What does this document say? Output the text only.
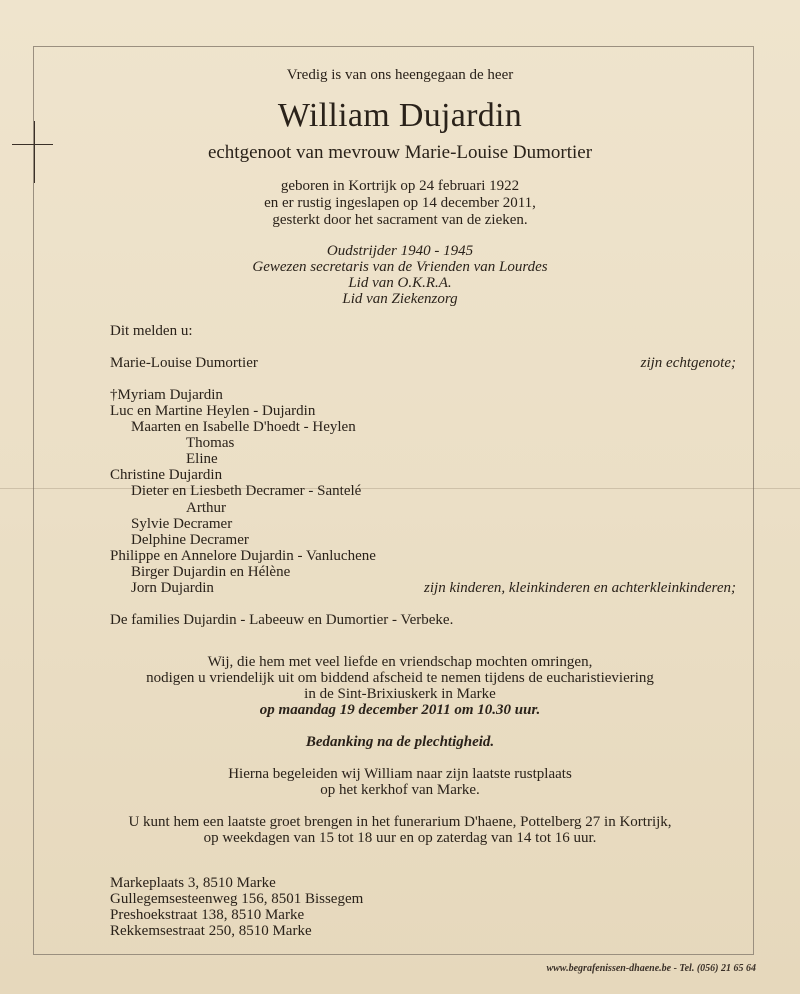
Vredig is van ons heengegaan de heer
William Dujardin
echtgenoot van mevrouw Marie-Louise Dumortier
geboren in Kortrijk op 24 februari 1922
en er rustig ingeslapen op 14 december 2011,
gesterkt door het sacrament van de zieken.
Oudstrijder 1940 - 1945
Gewezen secretaris van de Vrienden van Lourdes
Lid van O.K.R.A.
Lid van Ziekenzorg
Dit melden u:
Marie-Louise Dumortier	zijn echtgenote;
†Myriam Dujardin
Luc en Martine Heylen - Dujardin
Maarten en Isabelle D'hoedt - Heylen
Thomas
Eline
Christine Dujardin
Dieter en Liesbeth Decramer - Santelé
Arthur
Sylvie Decramer
Delphine Decramer
Philippe en Annelore Dujardin - Vanluchene
Birger Dujardin en Hélène
Jorn Dujardin	zijn kinderen, kleinkinderen en achterkleinkinderen;
De families Dujardin - Labeeuw en Dumortier - Verbeke.
Wij, die hem met veel liefde en vriendschap mochten omringen,
nodigen u vriendelijk uit om biddend afscheid te nemen tijdens de eucharistieviering
in de Sint-Brixiuskerk in Marke
op maandag 19 december 2011 om 10.30 uur.
Bedanking na de plechtigheid.
Hierna begeleiden wij William naar zijn laatste rustplaats
op het kerkhof van Marke.
U kunt hem een laatste groet brengen in het funerarium D'haene, Pottelberg 27 in Kortrijk,
op weekdagen van 15 tot 18 uur en op zaterdag van 14 tot 16 uur.
Markeplaats 3, 8510 Marke
Gullegemsesteenweg 156, 8501 Bissegem
Preshoekstraat 138, 8510 Marke
Rekkemsestraat 250, 8510 Marke
www.begrafenissen-dhaene.be - Tel. (056) 21 65 64
